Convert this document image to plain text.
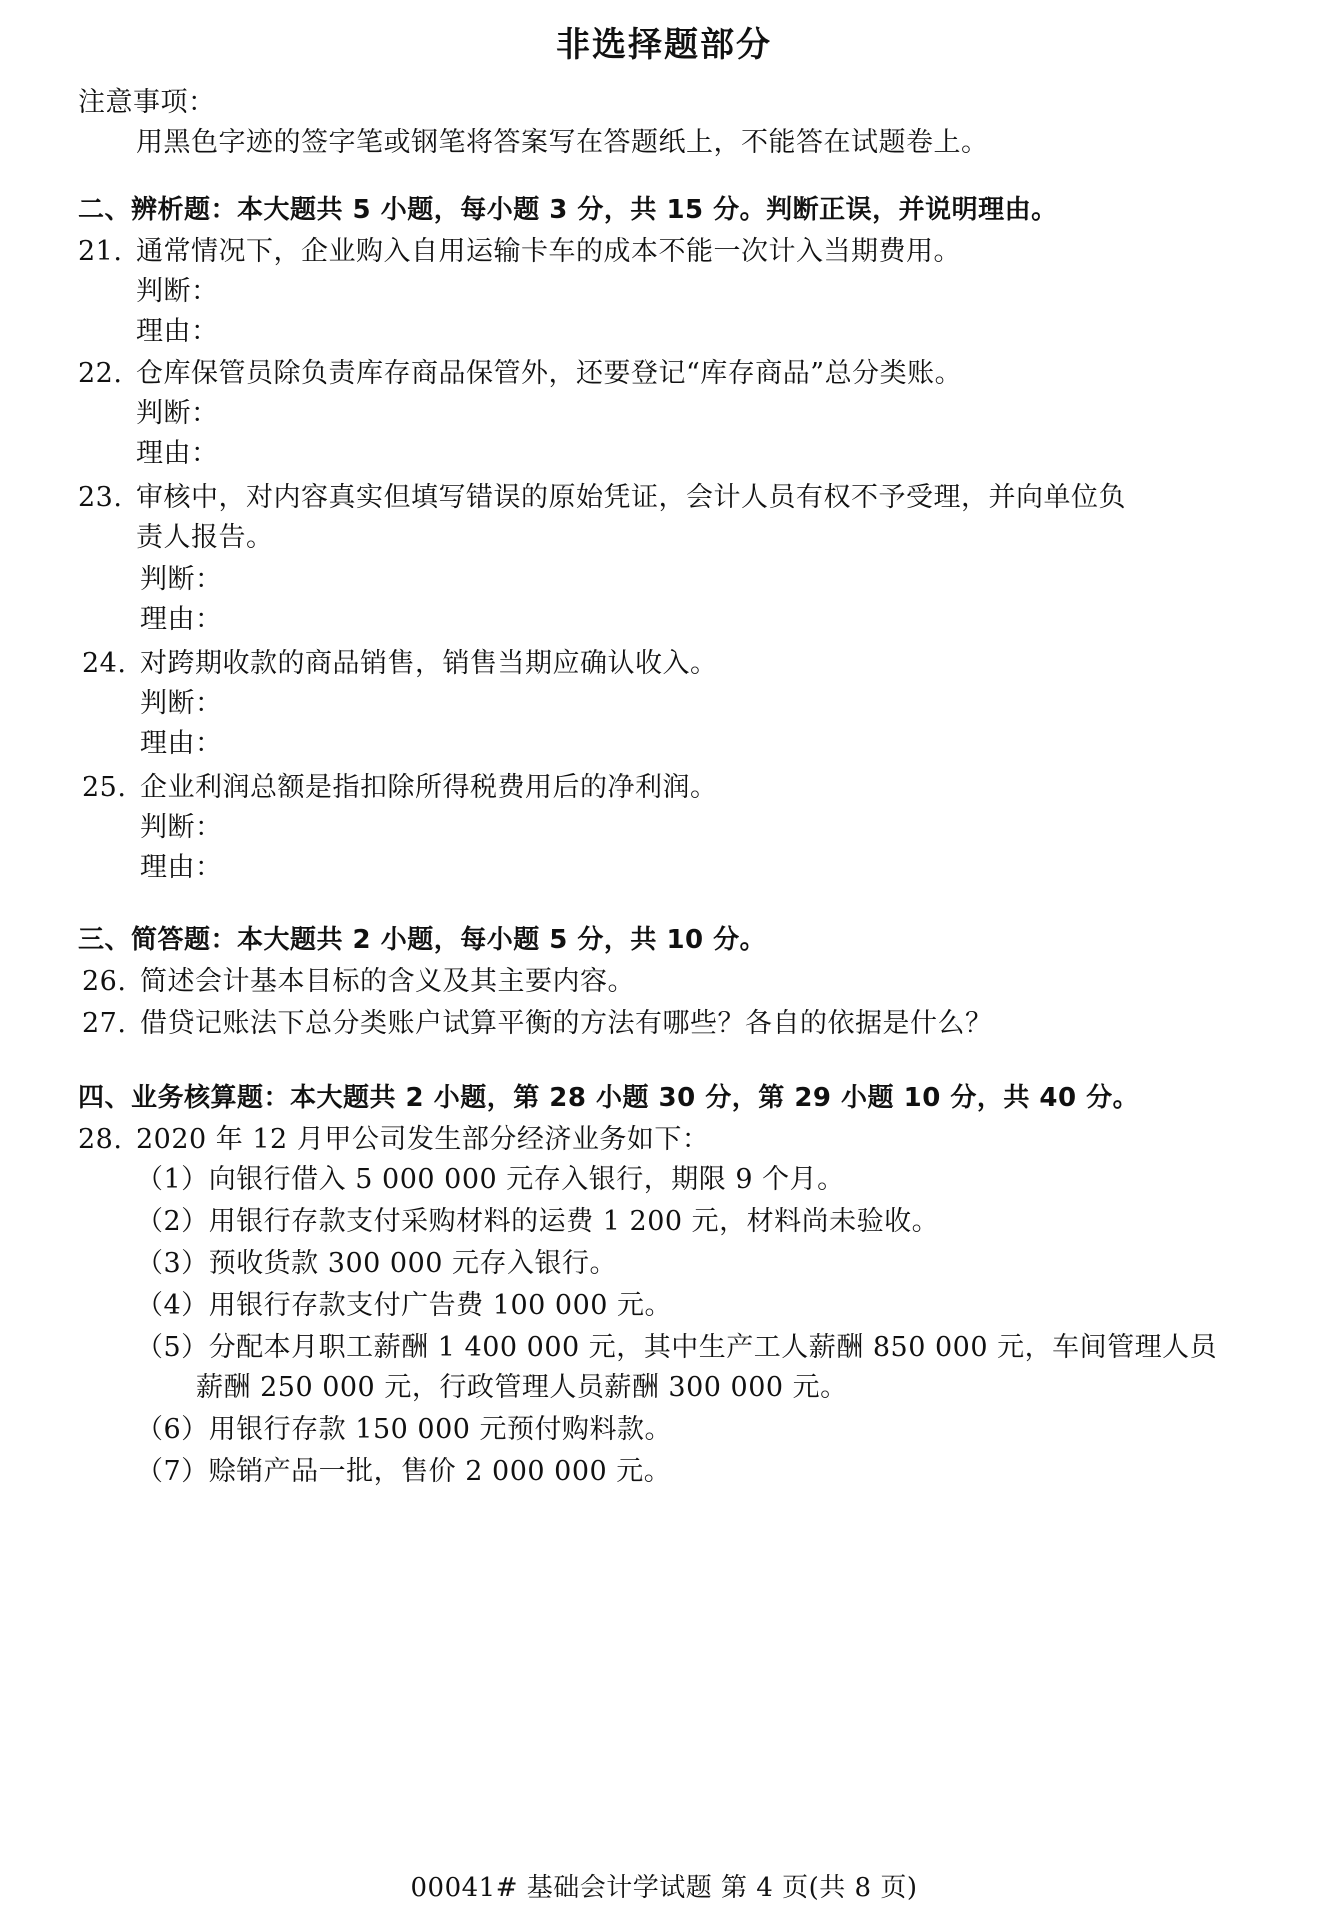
非选择题部分
注意事项：
用黑色字迹的签字笔或钢笔将答案写在答题纸上，不能答在试题卷上。
二、辨析题：本大题共 5 小题，每小题 3 分，共 15 分。判断正误，并说明理由。
21. 通常情况下，企业购入自用运输卡车的成本不能一次计入当期费用。
判断：
理由：
22. 仓库保管员除负责库存商品保管外，还要登记“库存商品”总分类账。
判断：
理由：
23. 审核中，对内容真实但填写错误的原始凭证，会计人员有权不予受理，并向单位负
责人报告。
判断：
理由：
24. 对跨期收款的商品销售，销售当期应确认收入。
判断：
理由：
25. 企业利润总额是指扣除所得税费用后的净利润。
判断：
理由：
三、简答题：本大题共 2 小题，每小题 5 分，共 10 分。
26. 简述会计基本目标的含义及其主要内容。
27. 借贷记账法下总分类账户试算平衡的方法有哪些？各自的依据是什么？
四、业务核算题：本大题共 2 小题，第 28 小题 30 分，第 29 小题 10 分，共 40 分。
28. 2020 年 12 月甲公司发生部分经济业务如下：
（1）向银行借入 5 000 000 元存入银行，期限 9 个月。
（2）用银行存款支付采购材料的运费 1 200 元，材料尚未验收。
（3）预收货款 300 000 元存入银行。
（4）用银行存款支付广告费 100 000 元。
（5）分配本月职工薪酬 1 400 000 元，其中生产工人薪酬 850 000 元，车间管理人员
薪酬 250 000 元，行政管理人员薪酬 300 000 元。
（6）用银行存款 150 000 元预付购料款。
（7）赊销产品一批，售价 2 000 000 元。
00041# 基础会计学试题 第 4 页(共 8 页)
